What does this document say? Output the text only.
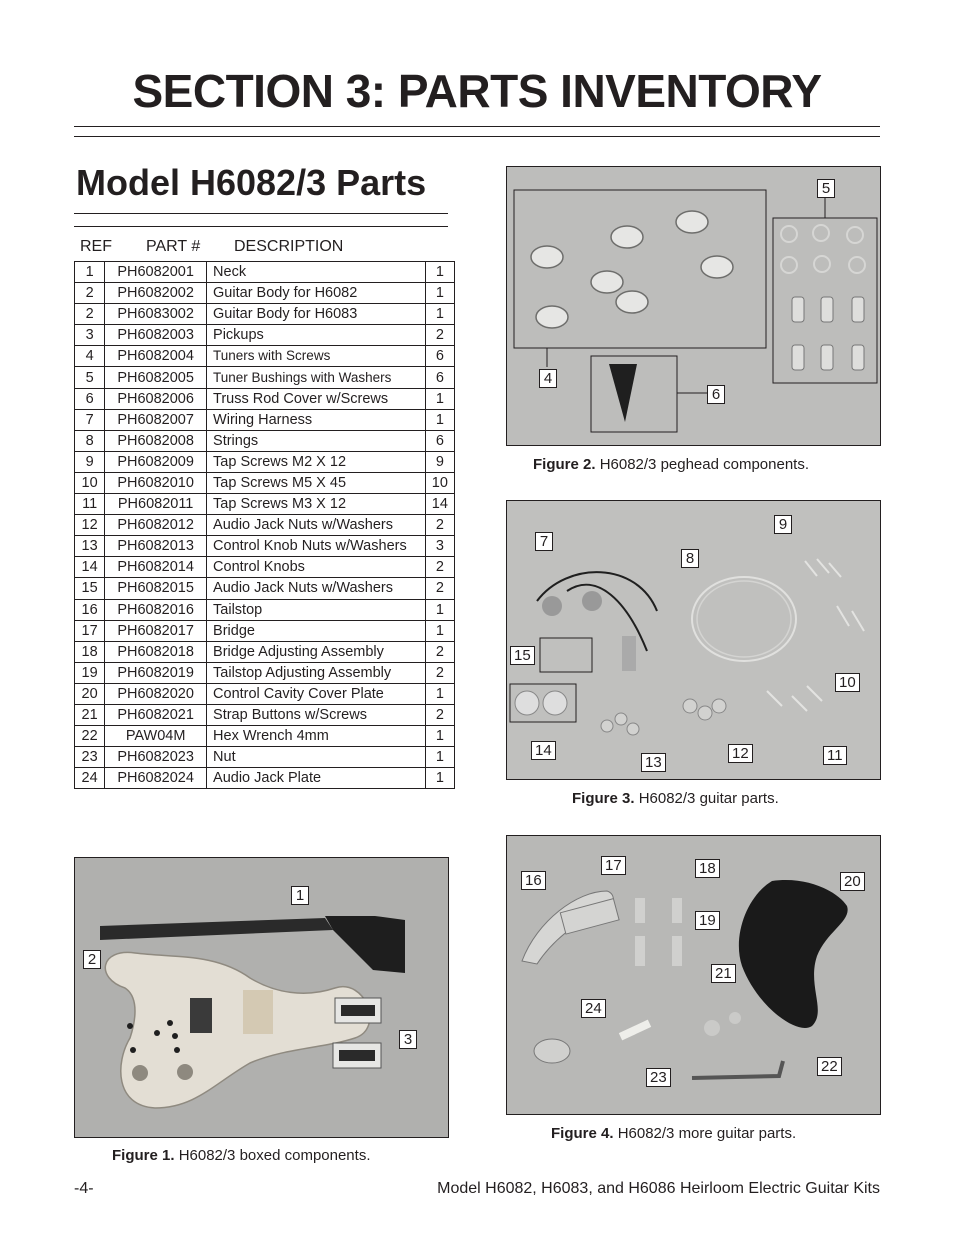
SECTION 3: PARTS INVENTORY
Model H6082/3 Parts
REF PART # DESCRIPTION
1	PH6082001	Neck	1
2	PH6082002	Guitar Body for H6082	1
2	PH6083002	Guitar Body for H6083	1
3	PH6082003	Pickups	2
4	PH6082004	Tuners with Screws	6
5	PH6082005	Tuner Bushings with Washers	6
6	PH6082006	Truss Rod Cover w/Screws	1
7	PH6082007	Wiring Harness	1
8	PH6082008	Strings	6
9	PH6082009	Tap Screws M2 X 12	9
10	PH6082010	Tap Screws M5 X 45	10
11	PH6082011	Tap Screws M3 X 12	14
12	PH6082012	Audio Jack Nuts w/Washers	2
13	PH6082013	Control Knob Nuts w/Washers	3
14	PH6082014	Control Knobs	2
15	PH6082015	Audio Jack Nuts w/Washers	2
16	PH6082016	Tailstop	1
17	PH6082017	Bridge	1
18	PH6082018	Bridge Adjusting Assembly	2
19	PH6082019	Tailstop Adjusting Assembly	2
20	PH6082020	Control Cavity Cover Plate	1
21	PH6082021	Strap Buttons w/Screws	2
22	PAW04M	Hex Wrench 4mm	1
23	PH6082023	Nut	1
24	PH6082024	Audio Jack Plate	1
5
4
6
Figure 2. H6082/3 peghead components.
9
7
8
15
10
14	12	11
13
Figure 3. H6082/3 guitar parts.
1
2
3
Figure 1. H6082/3 boxed components.
17	18
16	20
19
21
24
22
23
Figure 4. H6082/3 more guitar parts.
-4-	Model H6082, H6083, and H6086 Heirloom Electric Guitar Kits
